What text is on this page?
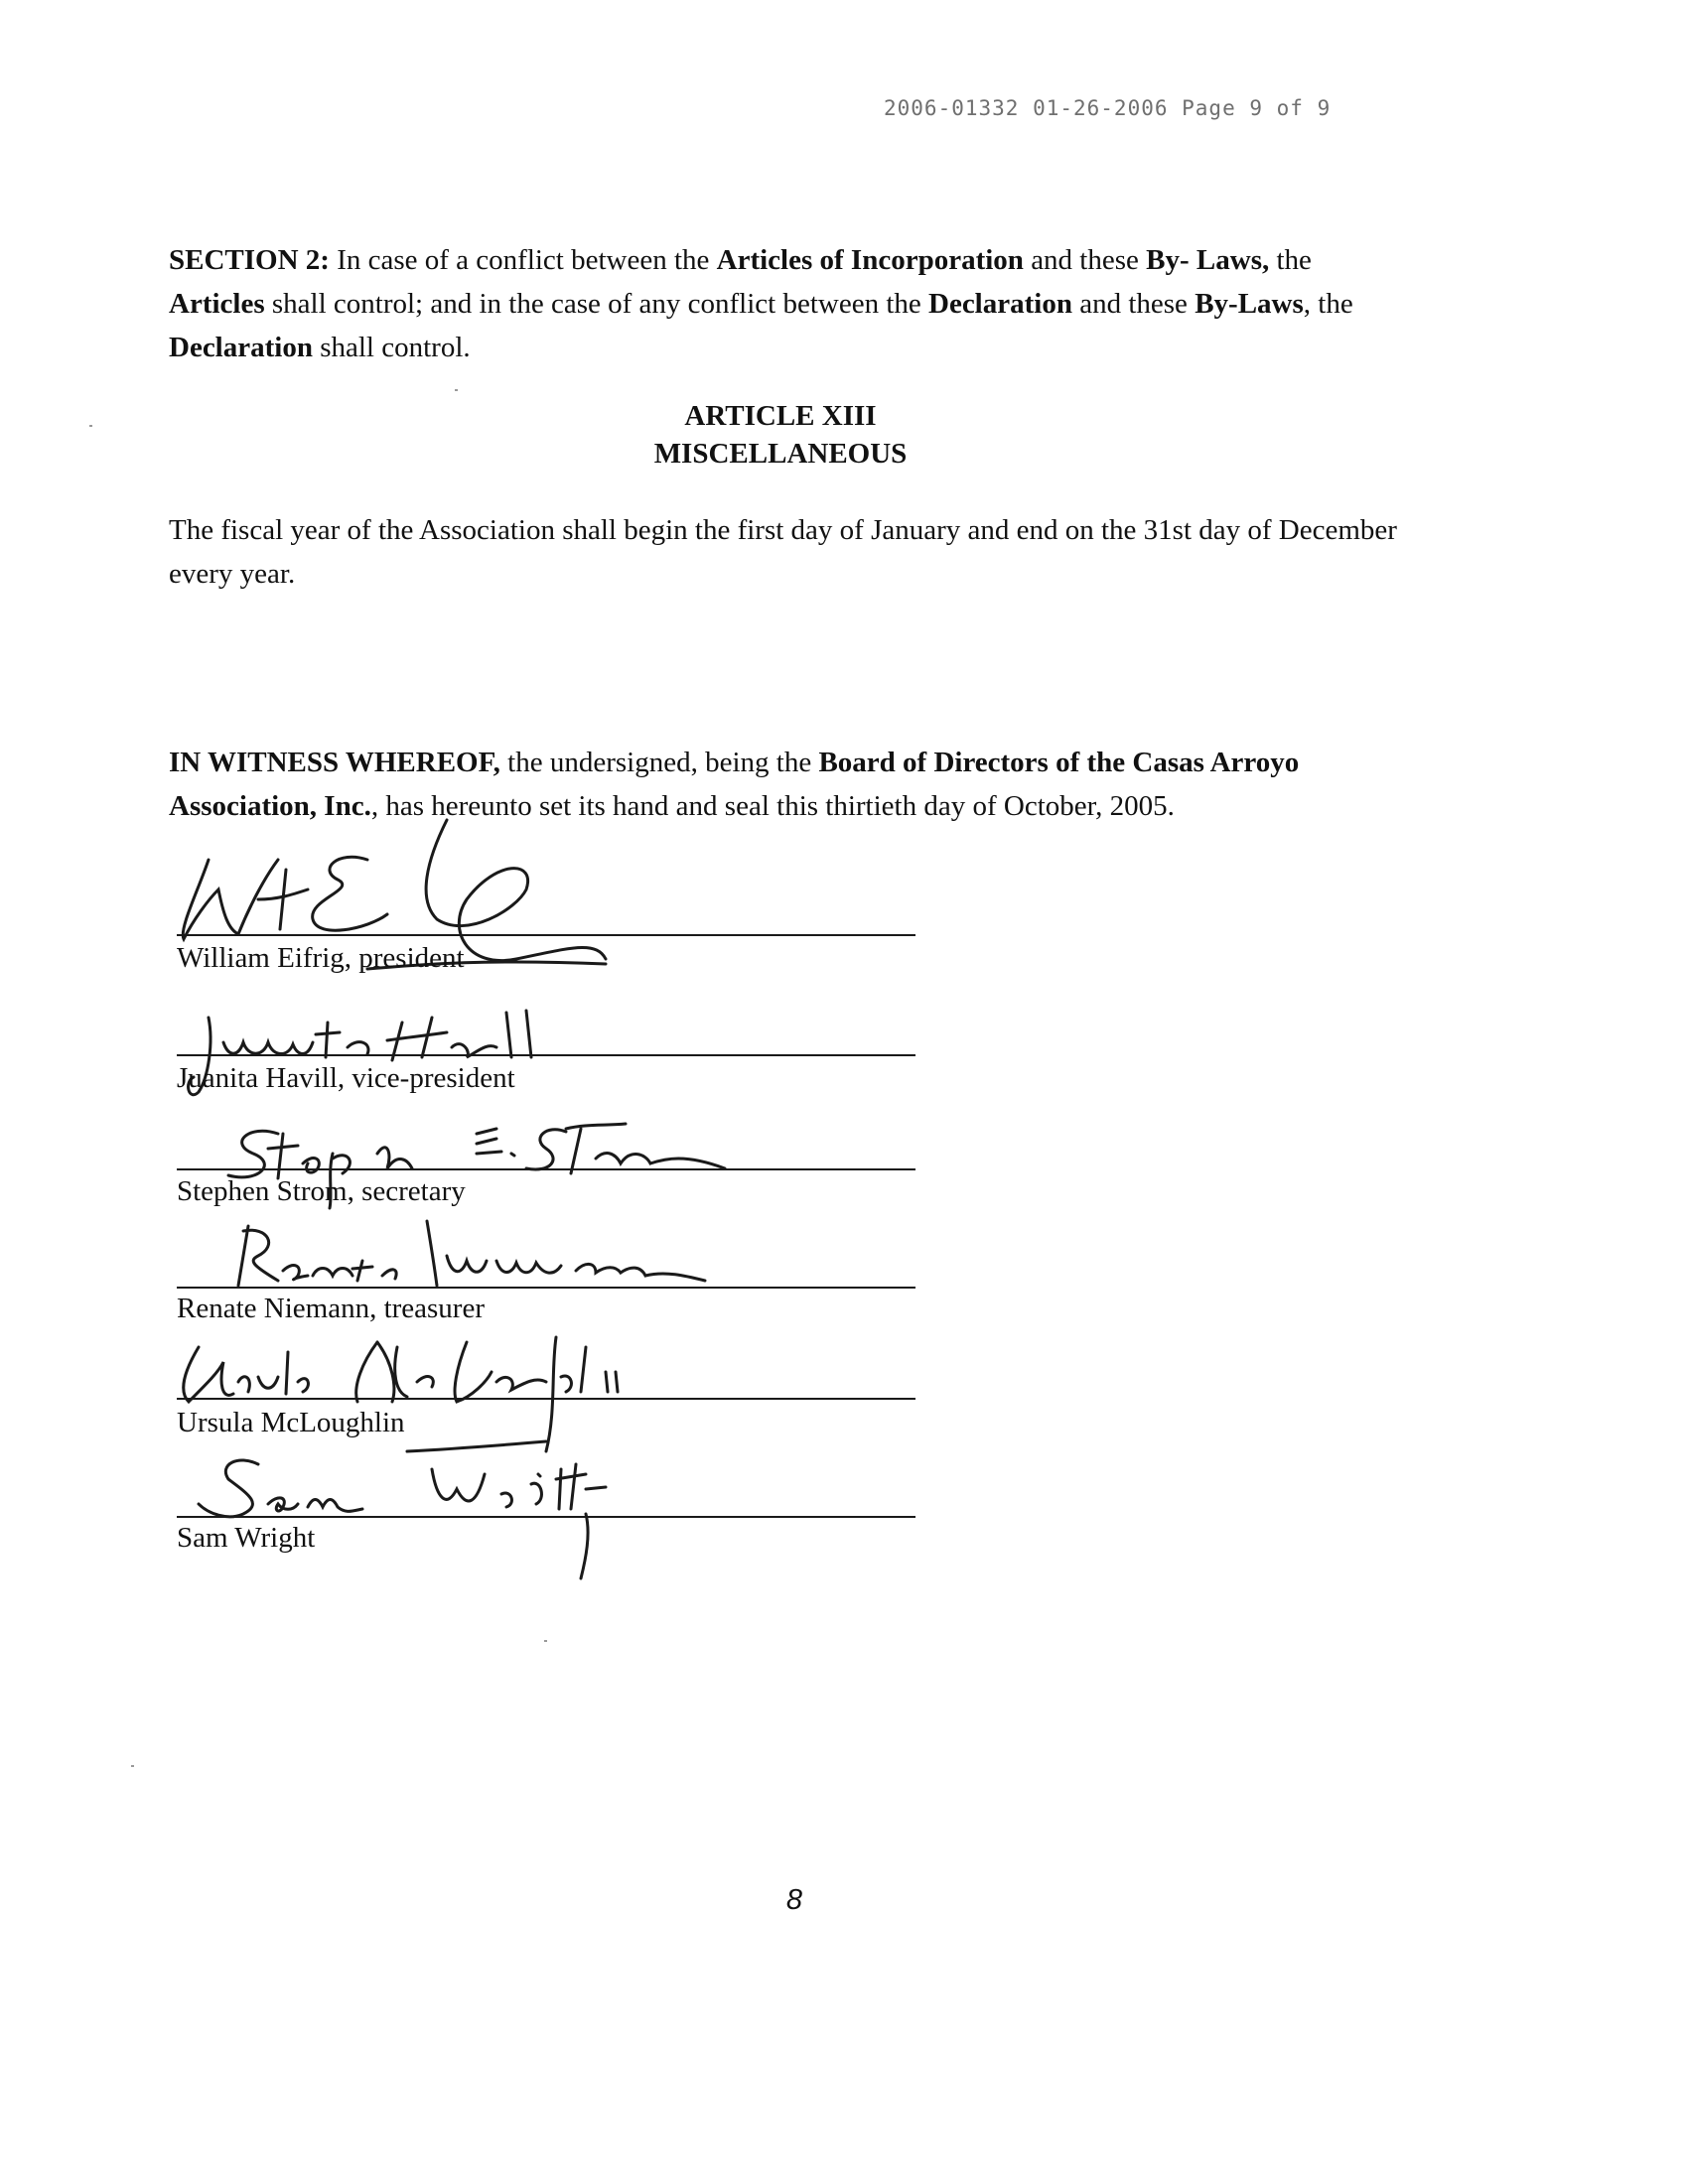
2006-01332 01-26-2006 Page 9 of 9
SECTION 2: In case of a conflict between the Articles of Incorporation and these By- Laws, the Articles shall control; and in the case of any conflict between the Declaration and these By-Laws, the Declaration shall control.
ARTICLE XIII
MISCELLANEOUS
The fiscal year of the Association shall begin the first day of January and end on the 31st day of December every year.
IN WITNESS WHEREOF, the undersigned, being the Board of Directors of the Casas Arroyo Association, Inc., has hereunto set its hand and seal this thirtieth day of October, 2005.
William Eifrig, president
Juanita Havill, vice-president
Stephen Strom, secretary
Renate Niemann, treasurer
Ursula McLoughlin
Sam Wright
8
